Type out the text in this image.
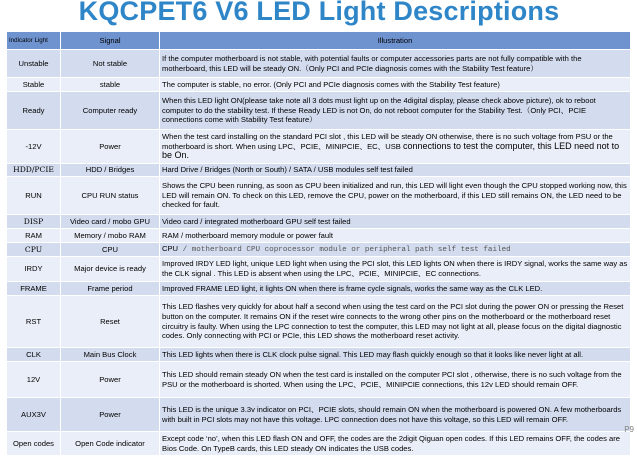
KQCPET6 V6 LED Light Descriptions
Indicator Light	Signal	Illustration
Unstable	Not stable	If the computer motherboard is not stable, with potential faults or computer accessories parts are not fully compatible with the motherboard, this LED will be steady ON.（Only PCI and PCIe diagnosis comes with the Stability Test feature）
Stable	stable	The computer is stable, no error. (Only PCI and PCIe diagnosis comes with the Stability Test feature)
Ready	Computer ready	When this LED light ON(please take note all 3 dots must light up on the 4digital display, please check above picture), ok to reboot computer to do the stability test. If these Ready LED is not On, do not reboot computer for the Stability Test.（Only PCI、PCIE connections come with Stability Test feature）
-12V	Power	When the test card installing on the standard PCI slot , this LED will be steady ON otherwise, there is no such voltage from PSU or the motherboard is short. When using LPC、PCIE、MINIPCIE、EC、USB connections to test the computer, this LED need not to be On.
HDD/PCIE	HDD / Bridges	Hard Drive / Bridges (North or South) / SATA / USB modules self test failed
RUN	CPU RUN status	Shows the CPU been running, as soon as CPU been initialized and run, this LED will light even though the CPU stopped working now, this LED will remain ON. To check on this LED, remove the CPU, power on the motherboard, if this LED still remains ON, the LED need to be checked for fault.
DISP	Video card / mobo GPU	Video card / integrated motherboard GPU self test failed
RAM	Memory / mobo RAM	RAM / motherboard memory module or power fault
CPU	CPU	CPU / motherboard CPU coprocessor module or peripheral path self test failed
IRDY	Major device is ready	Improved IRDY LED light, unique LED light when using the PCI slot, this LED lights ON when there is IRDY signal, works the same way as the CLK signal . This LED is absent when using the LPC、PCIE、MINIPCIE、EC connections.
FRAME	Frame period	Improved FRAME LED light, it lights ON when there is frame cycle signals, works the same way as the CLK LED.
RST	Reset	This LED flashes very quickly for about half a second when using the test card on the PCI slot during the power ON or pressing the Reset button on the computer. It remains ON if the reset wire connects to the wrong other pins on the motherboard or the motherboard reset circuitry is faulty. When using the LPC connection to test the computer, this LED may not light at all, please focus on the digital diagnostic codes. Only connecting with PCI or PCIe, this LED shows the motherboard reset activity.
CLK	Main Bus Clock	This LED lights when there is CLK clock pulse signal. This LED may flash quickly enough so that it looks like never light at all.
12V	Power	This LED should remain steady ON when the test card is installed on the computer PCI slot , otherwise, there is no such voltage from the PSU or the motherboard is shorted. When using the LPC、PCIE、MINIPCIE connections, this 12v LED should remain OFF.
AUX3V	Power	This LED is the unique 3.3v indicator on PCI、PCIE slots, should remain ON when the motherboard is powered ON. A few motherboards with built in PCI slots may not have this voltage. LPC connection does not have this voltage, so this LED will remain OFF.
Open codes	Open Code indicator	Except code ‘no’, when this LED flash ON and OFF, the codes are the 2digit Qiguan open codes. If this LED remains OFF, the codes are Bios Code. On TypeB cards, this LED steady ON indicates the USB codes.
P9
